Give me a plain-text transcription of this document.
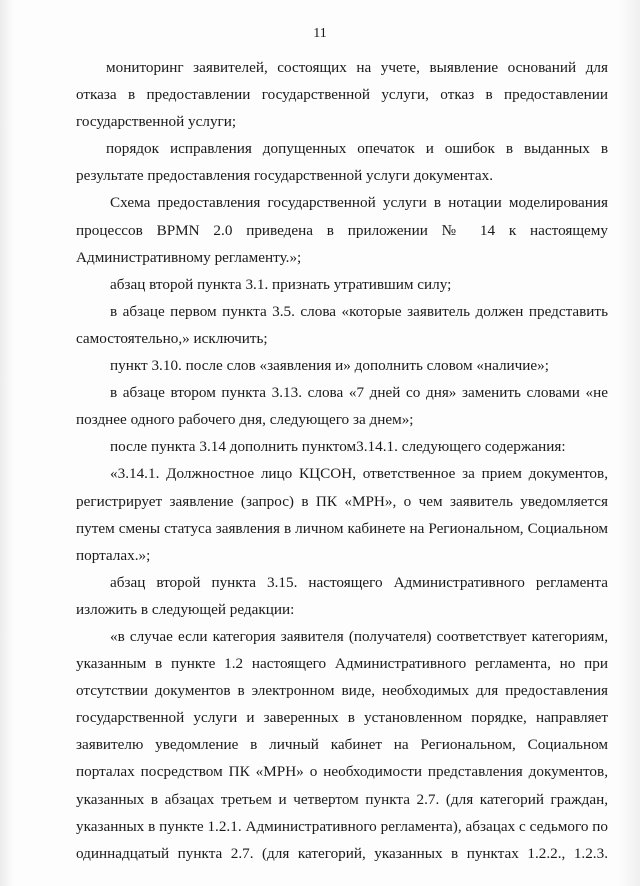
11

мониторинг заявителей, состоящих на учете, выявление оснований для отказа в предоставлении государственной услуги, отказ в предоставлении государственной услуги;

порядок исправления допущенных опечаток и ошибок в выданных в результате предоставления государственной услуги документах.

Схема предоставления государственной услуги в нотации моделирования процессов BPMN 2.0 приведена в приложении № 14 к настоящему Административному регламенту.»;

абзац второй пункта 3.1. признать утратившим силу;

в абзаце первом пункта 3.5. слова «которые заявитель должен представить самостоятельно,» исключить;

пункт 3.10. после слов «заявления и» дополнить словом «наличие»;

в абзаце втором пункта 3.13. слова «7 дней со дня» заменить словами «не позднее одного рабочего дня, следующего за днем»;

после пункта 3.14 дополнить пунктом3.14.1. следующего содержания:

«3.14.1. Должностное лицо КЦСОН, ответственное за прием документов, регистрирует заявление (запрос) в ПК «МРН», о чем заявитель уведомляется путем смены статуса заявления в личном кабинете на Региональном, Социальном порталах.»;

абзац второй пункта 3.15. настоящего Административного регламента изложить в следующей редакции:

«в случае если категория заявителя (получателя) соответствует категориям, указанным в пункте 1.2 настоящего Административного регламента, но при отсутствии документов в электронном виде, необходимых для предоставления государственной услуги и заверенных в установленном порядке, направляет заявителю уведомление в личный кабинет на Региональном, Социальном порталах посредством ПК «МРН» о необходимости представления документов, указанных в абзацах третьем и четвертом пункта 2.7. (для категорий граждан, указанных в пункте 1.2.1. Административного регламента), абзацах с седьмого по одиннадцатый пункта 2.7. (для категорий, указанных в пунктах 1.2.2., 1.2.3.
